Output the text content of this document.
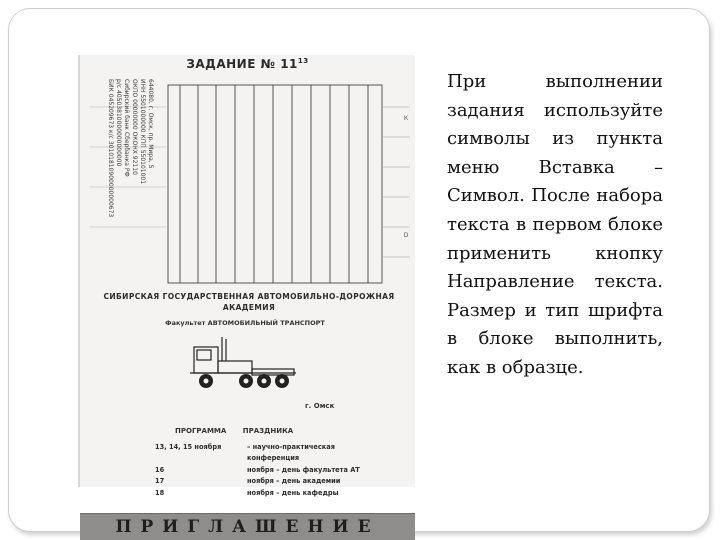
ЗАДАНИЕ № $11^{13}$
644080, г. Омск, пр. Мира, 5
ИНН 5501000000 КПП 550101001
ОКПО 00000000 ОКОНХ 92110
Сибирский банк Сбербанка РФ
р/с 40503810000000000000
БИК 045209673 к/с 30101810900000000673	К
D
СИБИРСКАЯ ГОСУДАРСТВЕННАЯ АВТОМОБИЛЬНО-ДОРОЖНАЯ
АКАДЕМИЯ
Факультет АВТОМОБИЛЬНЫЙ ТРАНСПОРТ
г. Омск
ПРОГРАММА ПРАЗДНИКА
13, 14, 15 ноября	– научно-практическая
конференция
16	ноября – день факультета АТ
17	ноября – день академии
18	ноября – день кафедры
ПРИГЛАШЕНИЕ
При выполнении задания используйте символы из пункта меню Вставка – Символ. После набора текста в первом блоке применить кнопку Направление текста. Размер и тип шрифта в блоке выполнить, как в образце.
